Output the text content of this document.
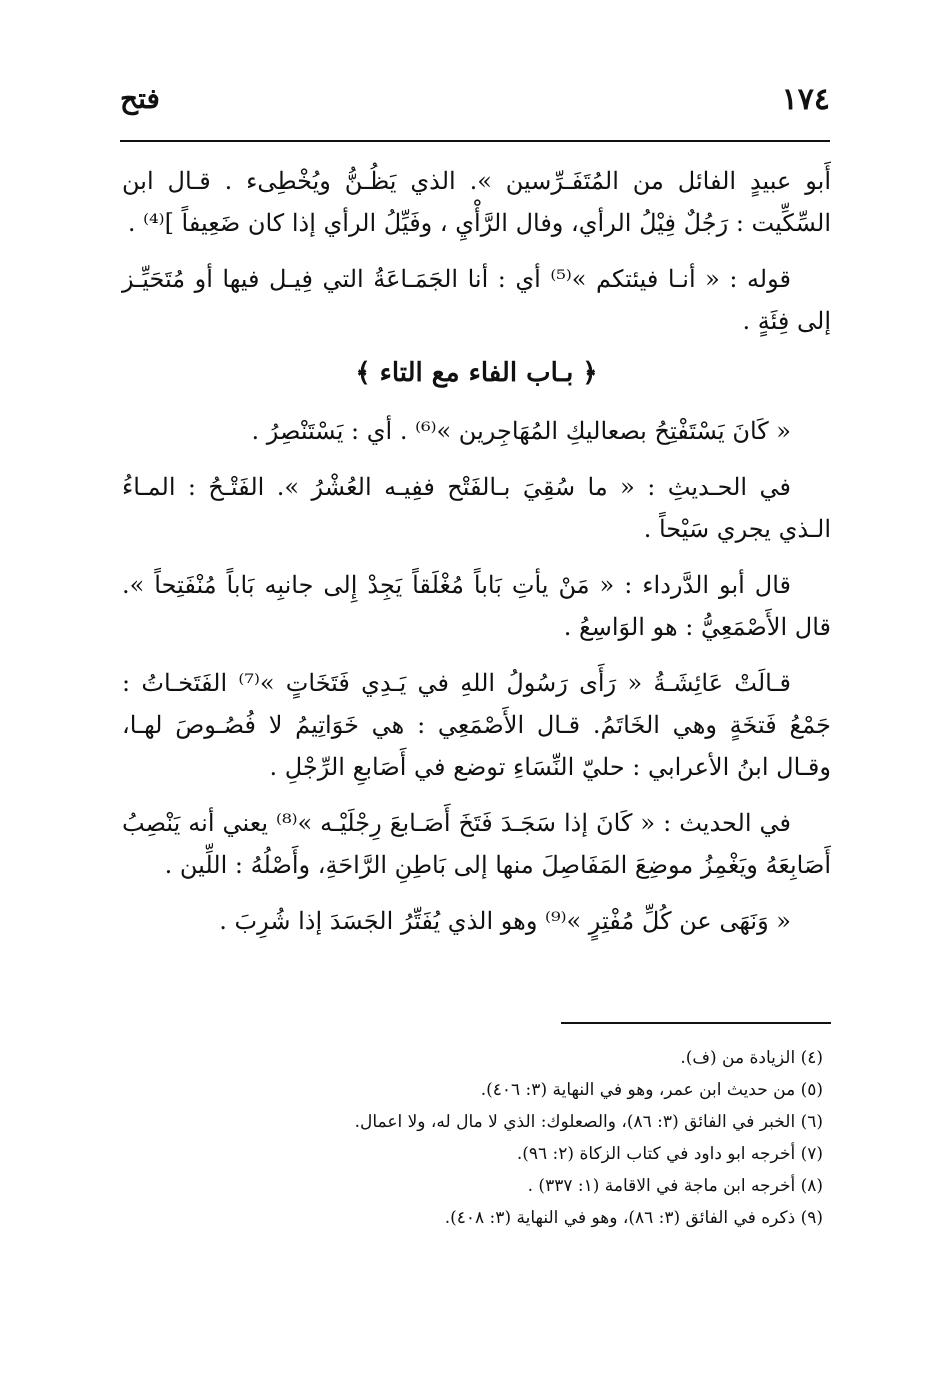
١٧٤
فتح

أَبو عبيدٍ الفائل من المُتَفَـرِّسين ». الذي يَظُـنُّ ويُخْطِىء . قـال ابن السِّكِّيت : رَجُلٌ فِيْلُ الرأي، وفال الرَّأْيِ ، وفَيِّلُ الرأي إذا كان ضَعِيفاً ]⁽⁴⁾ .

قوله : « أنـا فيئتكم »⁽⁵⁾ أي : أنا الجَمَـاعَةُ التي فِيـل فيها أو مُتَحَيِّـز إلى فِئَةٍ .

﴿ بـاب الفاء مع التاء ﴾

« كَانَ يَسْتَفْتِحُ بصعاليكِ المُهَاجِرين »⁽⁶⁾ . أي : يَسْتَنْصِرُ .

في الحـديثِ : « ما سُقِيَ بـالفَتْح ففِيـه العُشْرُ ». الفَتْـحُ : المـاءُ الـذي يجري سَيْحاً .

قال أبو الدَّرداء : « مَنْ يأتِ بَاباً مُغْلَقاً يَجِدْ إِلى جانبِه بَاباً مُنْفَتِحاً ». قال الأَصْمَعِيُّ : هو الوَاسِعُ .

قـالَتْ عَائِشَـةُ « رَأَى رَسُولُ اللهِ في يَـدِي فَتَخَاتٍ »⁽⁷⁾ الفَتَخـاتُ : جَمْعُ فَتخَةٍ وهي الخَاتَمُ. قـال الأَصْمَعِي : هي خَوَاتِيمُ لا فُصُـوصَ لهـا، وقـال ابنُ الأعرابي : حليّ النِّسَاءِ توضع في أَصَابعِ الرِّجْلِ .

في الحديث : « كَانَ إذا سَجَـدَ فَتَخَ أَصَـابعَ رِجْلَيْـه »⁽⁸⁾ يعني أنه يَنْصِبُ أَصَابِعَهُ ويَغْمِزُ موضِعَ المَفَاصِلَ منها إلى بَاطِنِ الرَّاحَةِ، وأَصْلُهُ : اللِّين .

« وَنَهَى عن كُلِّ مُفْتِرٍ »⁽⁹⁾ وهو الذي يُفَتِّرُ الجَسَدَ إذا شُرِبَ .

(٤) الزيادة من (ف).

(٥) من حديث ابن عمر، وهو في النهاية (٣: ٤٠٦).

(٦) الخبر في الفائق (٣: ٨٦)، والصعلوك: الذي لا مال له، ولا اعمال.

(٧) أخرجه ابو داود في كتاب الزكاة (٢: ٩٦).

(٨) أخرجه ابن ماجة في الاقامة (١: ٣٣٧) .

(٩) ذكره في الفائق (٣: ٨٦)، وهو في النهاية (٣: ٤٠٨).
